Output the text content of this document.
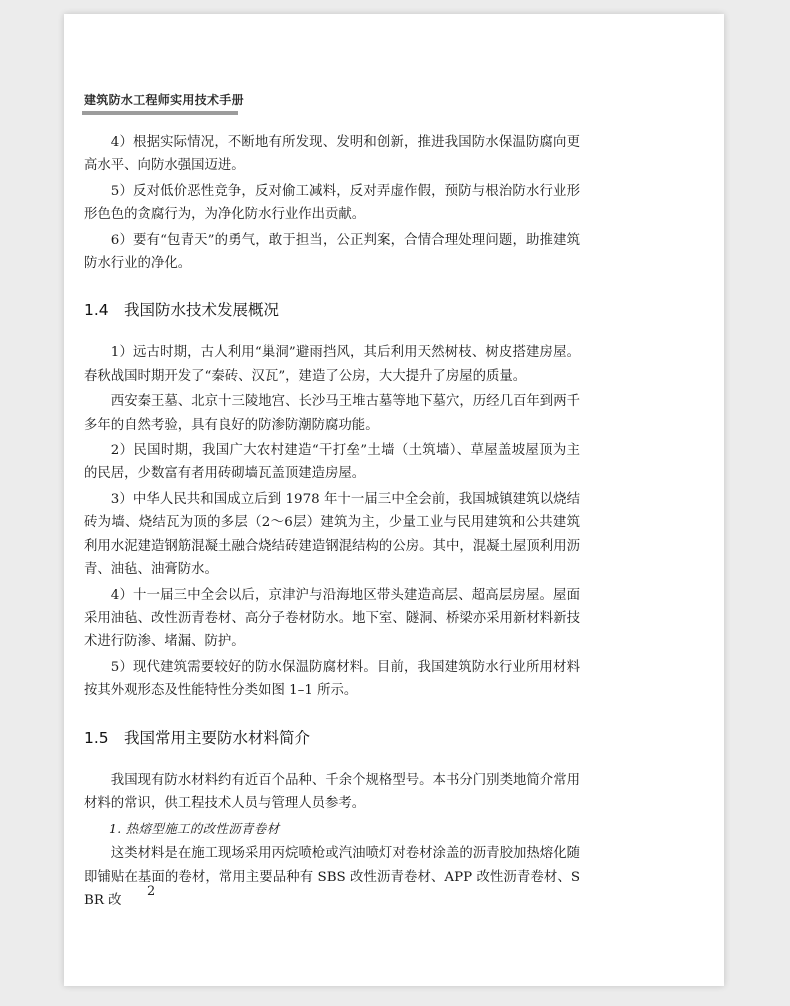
建筑防水工程师实用技术手册

4）根据实际情况，不断地有所发现、发明和创新，推进我国防水保温防腐向更高水平、向防水强国迈进。

5）反对低价恶性竞争，反对偷工减料，反对弄虚作假，预防与根治防水行业形形色色的贪腐行为，为净化防水行业作出贡献。

6）要有“包青天”的勇气，敢于担当，公正判案，合情合理处理问题，助推建筑防水行业的净化。

1.4 我国防水技术发展概况

1）远古时期，古人利用“巢洞”避雨挡风，其后利用天然树枝、树皮搭建房屋。春秋战国时期开发了“秦砖、汉瓦”，建造了公房，大大提升了房屋的质量。

西安秦王墓、北京十三陵地宫、长沙马王堆古墓等地下墓穴，历经几百年到两千多年的自然考验，具有良好的防渗防潮防腐功能。

2）民国时期，我国广大农村建造“干打垒”土墙（土筑墙）、草屋盖坡屋顶为主的民居，少数富有者用砖砌墙瓦盖顶建造房屋。

3）中华人民共和国成立后到 1978 年十一届三中全会前，我国城镇建筑以烧结砖为墙、烧结瓦为顶的多层（2～6层）建筑为主，少量工业与民用建筑和公共建筑利用水泥建造钢筋混凝土融合烧结砖建造钢混结构的公房。其中，混凝土屋顶利用沥青、油毡、油膏防水。

4）十一届三中全会以后，京津沪与沿海地区带头建造高层、超高层房屋。屋面采用油毡、改性沥青卷材、高分子卷材防水。地下室、隧洞、桥梁亦采用新材料新技术进行防渗、堵漏、防护。

5）现代建筑需要较好的防水保温防腐材料。目前，我国建筑防水行业所用材料按其外观形态及性能特性分类如图 1–1 所示。

1.5 我国常用主要防水材料简介

我国现有防水材料约有近百个品种、千余个规格型号。本书分门别类地简介常用材料的常识，供工程技术人员与管理人员参考。

1. 热熔型施工的改性沥青卷材

这类材料是在施工现场采用丙烷喷枪或汽油喷灯对卷材涂盖的沥青胶加热熔化随即铺贴在基面的卷材，常用主要品种有 SBS 改性沥青卷材、APP 改性沥青卷材、SBR 改

2
